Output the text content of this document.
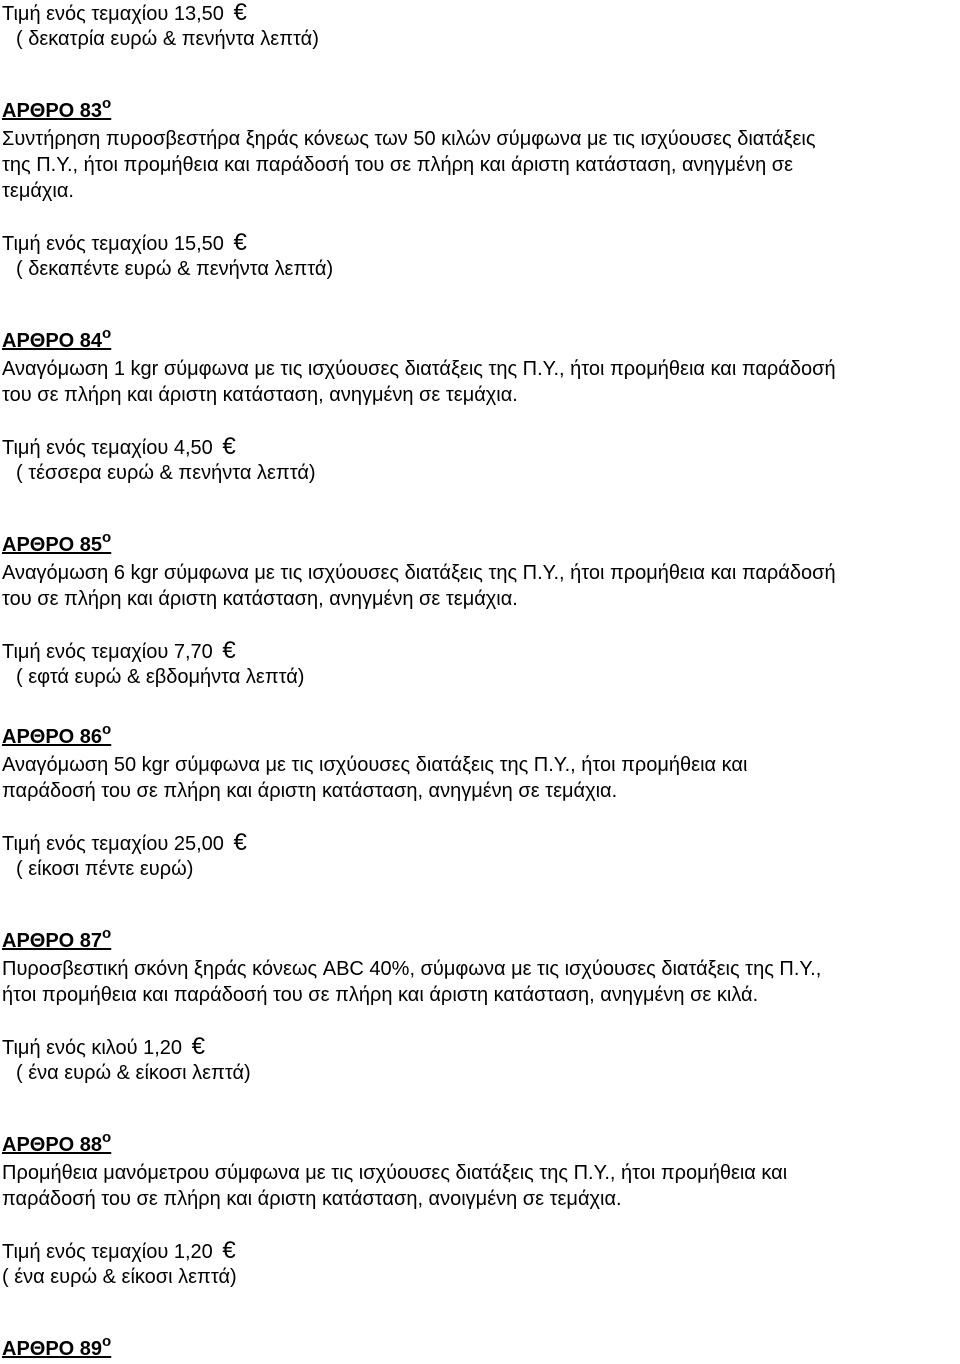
Τιμή ενός τεμαχίου 13,50 €
( δεκατρία ευρώ & πενήντα λεπτά)
ΑΡΘΡΟ $83^o$
Συντήρηση πυροσβεστήρα ξηράς κόνεως των 50 κιλών σύμφωνα με τις ισχύουσες διατάξεις
της Π.Υ., ήτοι προμήθεια και παράδοσή του σε πλήρη και άριστη κατάσταση, ανηγμένη σε
τεμάχια.
Τιμή ενός τεμαχίου 15,50 €
( δεκαπέντε ευρώ & πενήντα λεπτά)
ΑΡΘΡΟ $84^o$
Αναγόμωση 1 kgr σύμφωνα με τις ισχύουσες διατάξεις της Π.Υ., ήτοι προμήθεια και παράδοσή
του σε πλήρη και άριστη κατάσταση, ανηγμένη σε τεμάχια.
Τιμή ενός τεμαχίου 4,50 €
( τέσσερα ευρώ & πενήντα λεπτά)
ΑΡΘΡΟ $85^o$
Αναγόμωση 6 kgr σύμφωνα με τις ισχύουσες διατάξεις της Π.Υ., ήτοι προμήθεια και παράδοσή
του σε πλήρη και άριστη κατάσταση, ανηγμένη σε τεμάχια.
Τιμή ενός τεμαχίου 7,70 €
( εφτά ευρώ & εβδομήντα λεπτά)
ΑΡΘΡΟ $86^o$
Αναγόμωση 50 kgr σύμφωνα με τις ισχύουσες διατάξεις της Π.Υ., ήτοι προμήθεια και
παράδοσή του σε πλήρη και άριστη κατάσταση, ανηγμένη σε τεμάχια.
Τιμή ενός τεμαχίου 25,00 €
( είκοσι πέντε ευρώ)
ΑΡΘΡΟ $87^o$
Πυροσβεστική σκόνη ξηράς κόνεως ABC 40%, σύμφωνα με τις ισχύουσες διατάξεις της Π.Υ.,
ήτοι προμήθεια και παράδοσή του σε πλήρη και άριστη κατάσταση, ανηγμένη σε κιλά.
Τιμή ενός κιλού 1,20 €
( ένα ευρώ & είκοσι λεπτά)
ΑΡΘΡΟ $88^o$
Προμήθεια μανόμετρου σύμφωνα με τις ισχύουσες διατάξεις της Π.Υ., ήτοι προμήθεια και
παράδοσή του σε πλήρη και άριστη κατάσταση, ανοιγμένη σε τεμάχια.
Τιμή ενός τεμαχίου 1,20 €
( ένα ευρώ & είκοσι λεπτά)
ΑΡΘΡΟ $89^o$
